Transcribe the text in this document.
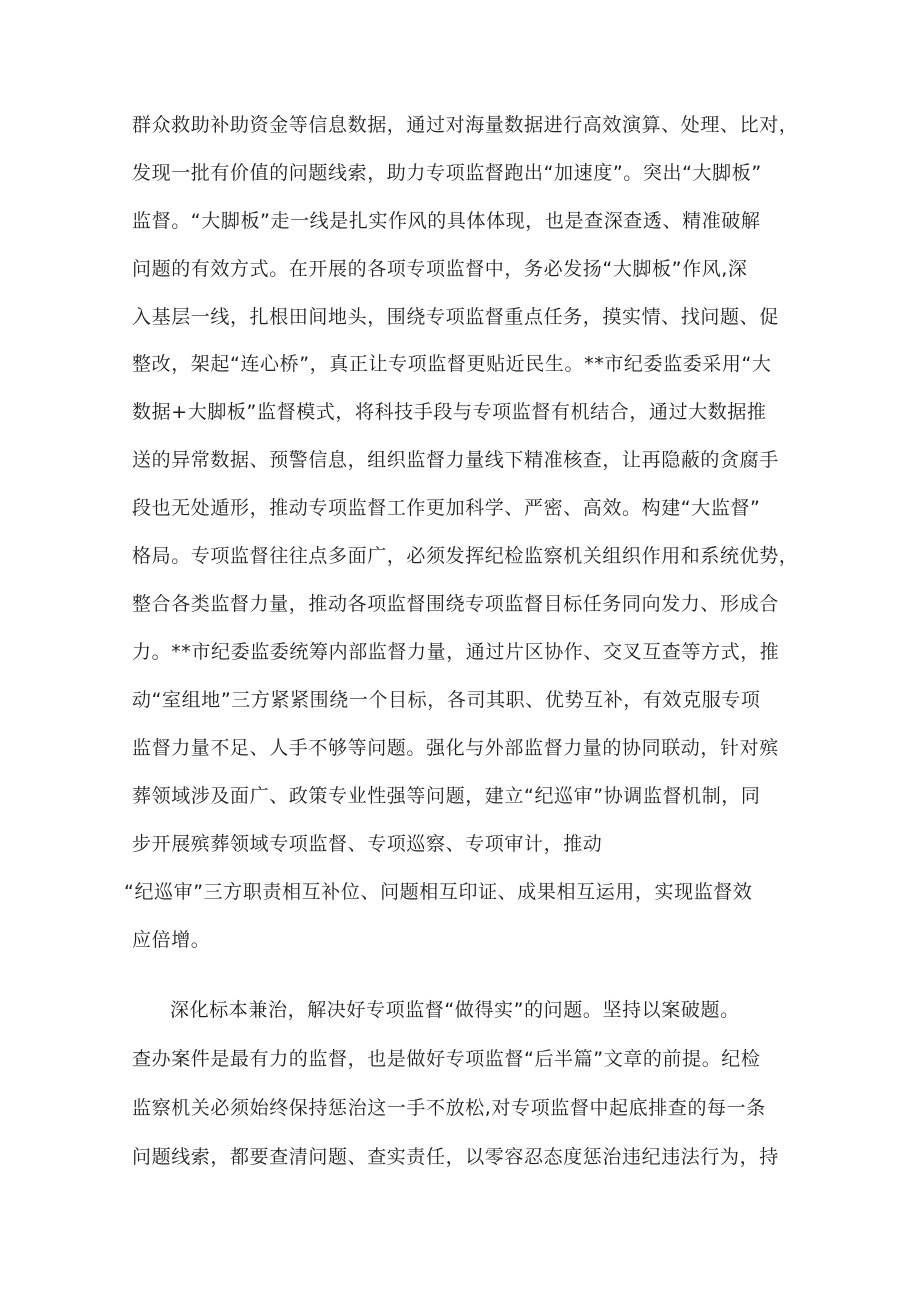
群众救助补助资金等信息数据，通过对海量数据进行高效演算、处理、比对，
发现一批有价值的问题线索，助力专项监督跑出“加速度”。突出“大脚板”
监督。“大脚板”走一线是扎实作风的具体体现，也是查深查透、精准破解
问题的有效方式。在开展的各项专项监督中，务必发扬“大脚板”作风,深
入基层一线，扎根田间地头，围绕专项监督重点任务，摸实情、找问题、促
整改，架起“连心桥”，真正让专项监督更贴近民生。**市纪委监委采用“大
数据+大脚板”监督模式，将科技手段与专项监督有机结合，通过大数据推
送的异常数据、预警信息，组织监督力量线下精准核查，让再隐蔽的贪腐手
段也无处遁形，推动专项监督工作更加科学、严密、高效。构建“大监督”
格局。专项监督往往点多面广，必须发挥纪检监察机关组织作用和系统优势，
整合各类监督力量，推动各项监督围绕专项监督目标任务同向发力、形成合
力。**市纪委监委统筹内部监督力量，通过片区协作、交叉互查等方式，推
动“室组地”三方紧紧围绕一个目标，各司其职、优势互补，有效克服专项
监督力量不足、人手不够等问题。强化与外部监督力量的协同联动，针对殡
葬领域涉及面广、政策专业性强等问题，建立“纪巡审”协调监督机制，同
步开展殡葬领域专项监督、专项巡察、专项审计，推动
“纪巡审”三方职责相互补位、问题相互印证、成果相互运用，实现监督效
应倍增。
深化标本兼治，解决好专项监督“做得实”的问题。坚持以案破题。
查办案件是最有力的监督，也是做好专项监督“后半篇”文章的前提。纪检
监察机关必须始终保持惩治这一手不放松,对专项监督中起底排查的每一条
问题线索，都要查清问题、查实责任，以零容忍态度惩治违纪违法行为，持
